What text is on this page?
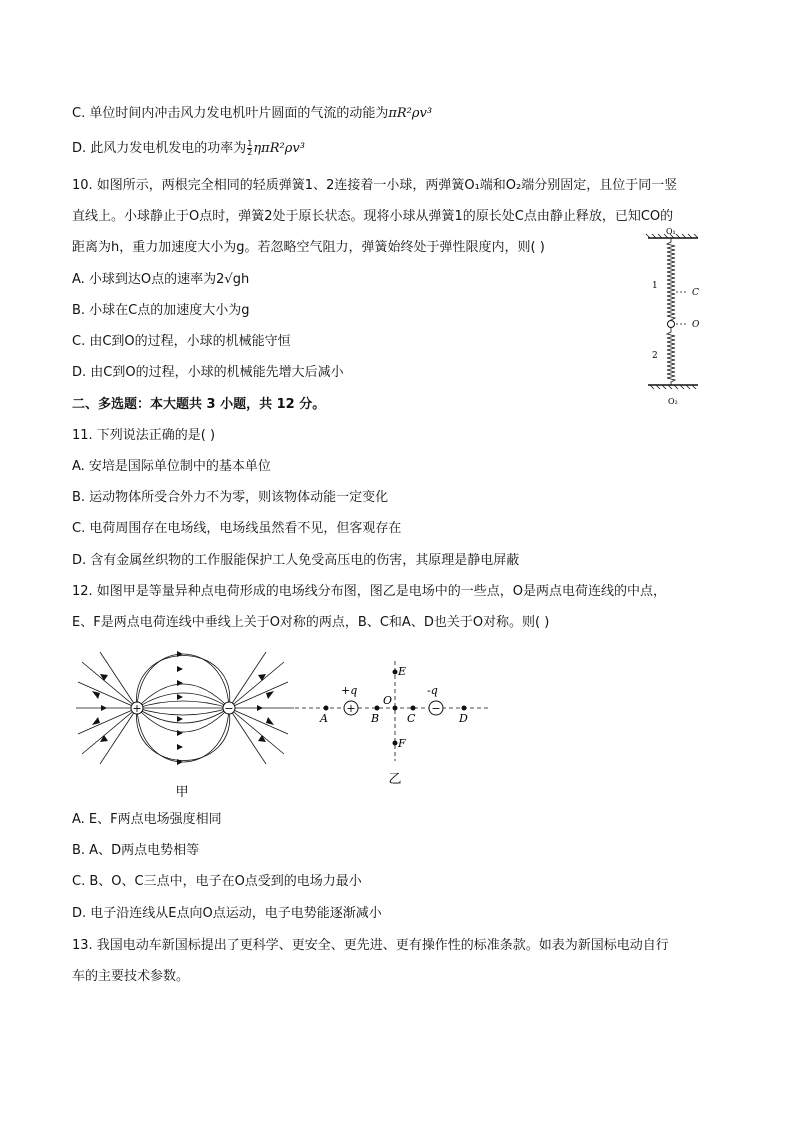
C. 单位时间内冲击风力发电机叶片圆面的气流的动能为πR²ρv³
D. 此风力发电机发电的功率为 $\frac{1}{2} \eta\pi R^2\rho v^3$
10. 如图所示，两根完全相同的轻质弹簧1、2连接着一小球，两弹簧O₁端和O₂端分别固定，且位于同一竖
直线上。小球静止于O点时，弹簧2处于原长状态。现将小球从弹簧1的原长处C点由静止释放，已知CO的
距离为h，重力加速度大小为g。若忽略空气阻力，弹簧始终处于弹性限度内，则( )
A. 小球到达O点的速率为2√gh
B. 小球在C点的加速度大小为g
C. 由C到O的过程，小球的机械能守恒
D. 由C到O的过程，小球的机械能先增大后减小
O₁
1
C
O
2
O₂
二、多选题：本大题共 3 小题，共 12 分。
11. 下列说法正确的是( )
A. 安培是国际单位制中的基本单位
B. 运动物体所受合外力不为零，则该物体动能一定变化
C. 电荷周围存在电场线，电场线虽然看不见，但客观存在
D. 含有金属丝织物的工作服能保护工人免受高压电的伤害，其原理是静电屏蔽
12. 如图甲是等量异种点电荷形成的电场线分布图，图乙是电场中的一些点，O是两点电荷连线的中点，
E、F是两点电荷连线中垂线上关于O对称的两点，B、C和A、D也关于O对称。则( )
+	−
甲
+	−
+q	-q
A	B	C	D
O
E
F
乙
A. E、F两点电场强度相同
B. A、D两点电势相等
C. B、O、C三点中，电子在O点受到的电场力最小
D. 电子沿连线从E点向O点运动，电子电势能逐渐减小
13. 我国电动车新国标提出了更科学、更安全、更先进、更有操作性的标准条款。如表为新国标电动自行
车的主要技术参数。
